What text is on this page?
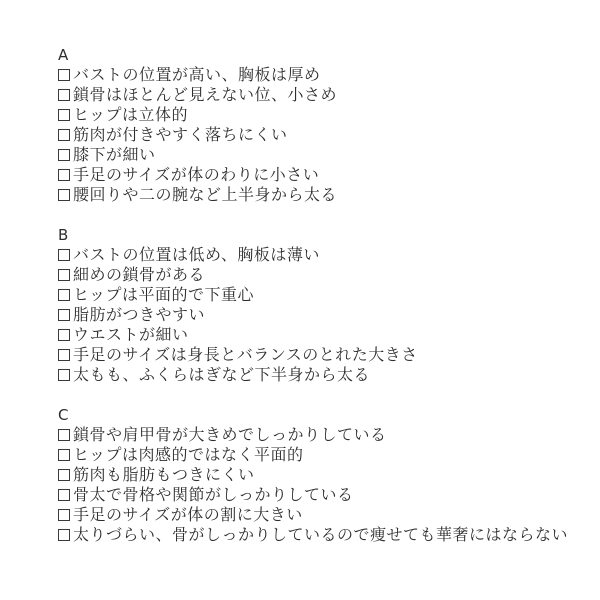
A
バストの位置が高い、胸板は厚め
鎖骨はほとんど見えない位、小さめ
ヒップは立体的
筋肉が付きやすく落ちにくい
膝下が細い
手足のサイズが体のわりに小さい
腰回りや二の腕など上半身から太る
B
バストの位置は低め、胸板は薄い
細めの鎖骨がある
ヒップは平面的で下重心
脂肪がつきやすい
ウエストが細い
手足のサイズは身長とバランスのとれた大きさ
太もも、ふくらはぎなど下半身から太る
C
鎖骨や肩甲骨が大きめでしっかりしている
ヒップは肉感的ではなく平面的
筋肉も脂肪もつきにくい
骨太で骨格や関節がしっかりしている
手足のサイズが体の割に大きい
太りづらい、骨がしっかりしているので痩せても華奢にはならない
